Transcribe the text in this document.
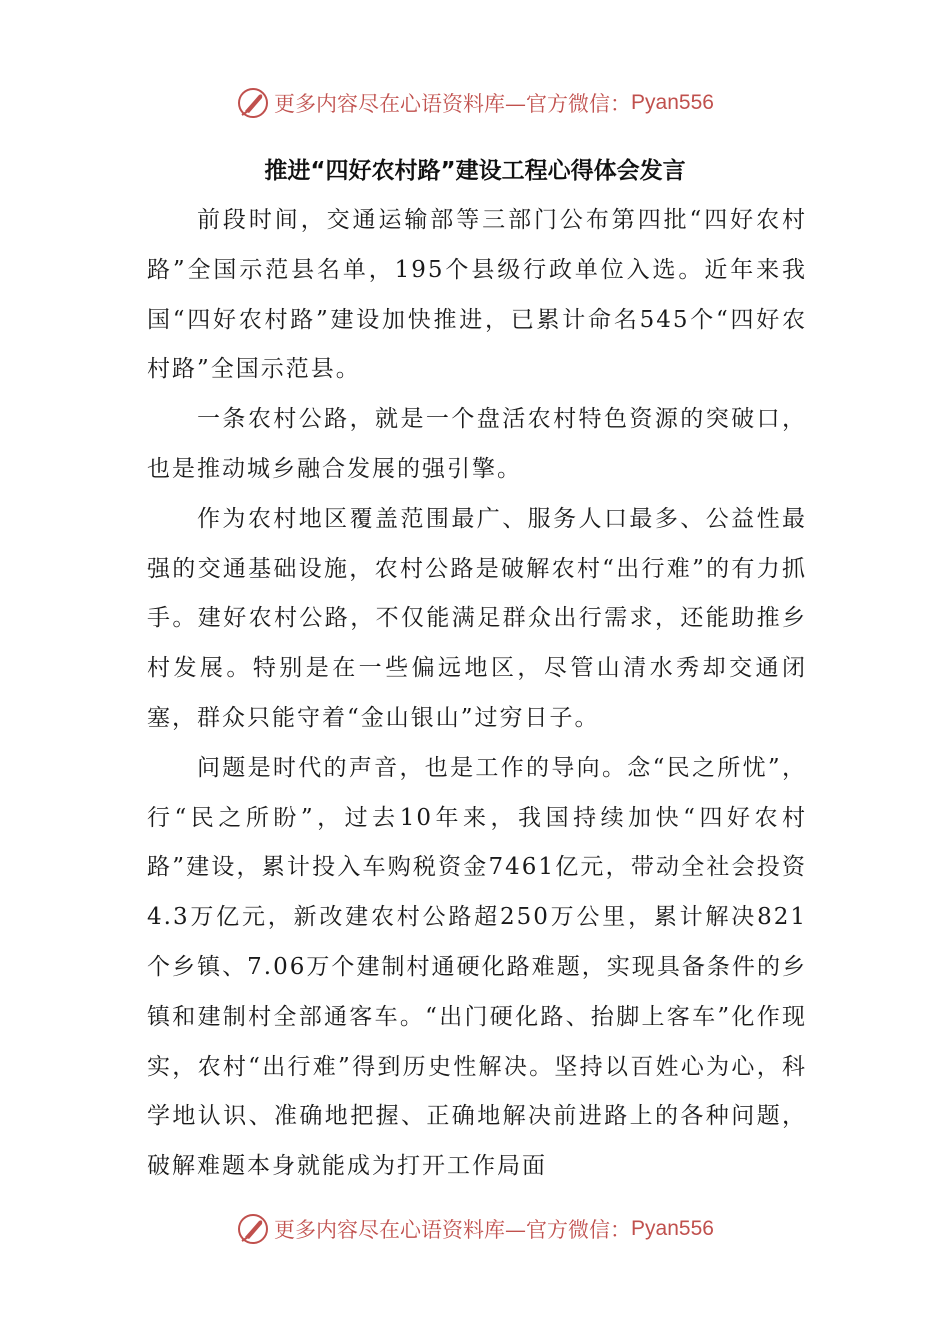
更多内容尽在心语资料库—官方微信： Pyan556
推进“四好农村路”建设工程心得体会发言

前段时间，交通运输部等三部门公布第四批“四好农村路”全国示范县名单，195个县级行政单位入选。近年来我国“四好农村路”建设加快推进，已累计命名545个“四好农村路”全国示范县。

一条农村公路，就是一个盘活农村特色资源的突破口，也是推动城乡融合发展的强引擎。

作为农村地区覆盖范围最广、服务人口最多、公益性最强的交通基础设施，农村公路是破解农村“出行难”的有力抓手。建好农村公路，不仅能满足群众出行需求，还能助推乡村发展。特别是在一些偏远地区，尽管山清水秀却交通闭塞，群众只能守着“金山银山”过穷日子。

问题是时代的声音，也是工作的导向。念“民之所忧”，行“民之所盼”，过去10年来，我国持续加快“四好农村路”建设，累计投入车购税资金7461亿元，带动全社会投资4.3万亿元，新改建农村公路超250万公里，累计解决821个乡镇、7.06万个建制村通硬化路难题，实现具备条件的乡镇和建制村全部通客车。“出门硬化路、抬脚上客车”化作现实，农村“出行难”得到历史性解决。坚持以百姓心为心，科学地认识、准确地把握、正确地解决前进路上的各种问题，破解难题本身就能成为打开工作局面

更多内容尽在心语资料库—官方微信： Pyan556
